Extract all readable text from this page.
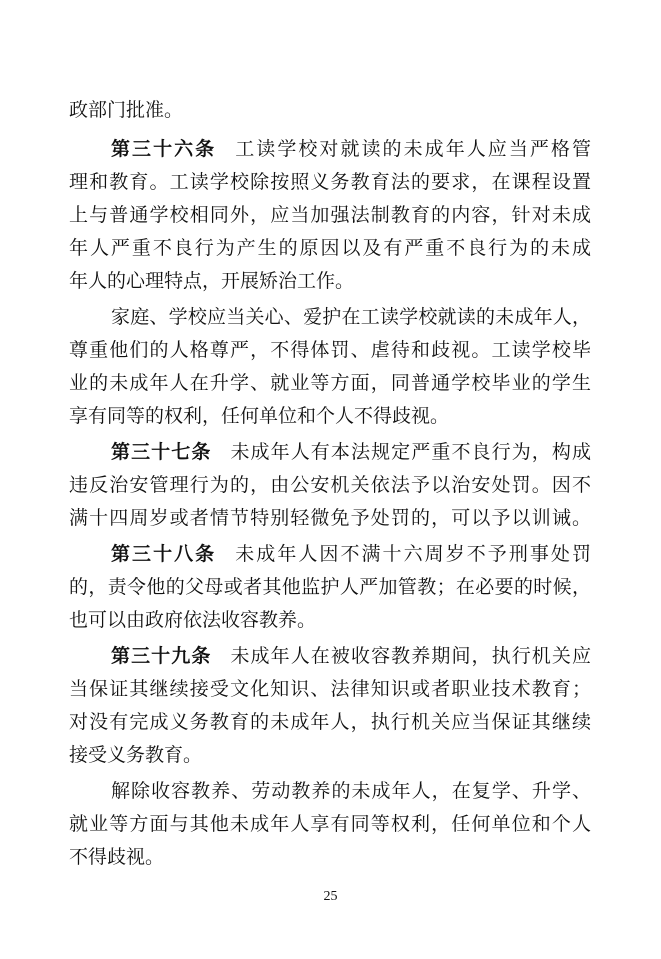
政部门批准。
第三十六条 工读学校对就读的未成年人应当严格管
理和教育。工读学校除按照义务教育法的要求，在课程设置
上与普通学校相同外，应当加强法制教育的内容，针对未成
年人严重不良行为产生的原因以及有严重不良行为的未成
年人的心理特点，开展矫治工作。
家庭、学校应当关心、爱护在工读学校就读的未成年人，
尊重他们的人格尊严，不得体罚、虐待和歧视。工读学校毕
业的未成年人在升学、就业等方面，同普通学校毕业的学生
享有同等的权利，任何单位和个人不得歧视。
第三十七条 未成年人有本法规定严重不良行为，构成
违反治安管理行为的，由公安机关依法予以治安处罚。因不
满十四周岁或者情节特别轻微免予处罚的，可以予以训诫。
第三十八条 未成年人因不满十六周岁不予刑事处罚
的，责令他的父母或者其他监护人严加管教；在必要的时候，
也可以由政府依法收容教养。
第三十九条 未成年人在被收容教养期间，执行机关应
当保证其继续接受文化知识、法律知识或者职业技术教育；
对没有完成义务教育的未成年人，执行机关应当保证其继续
接受义务教育。
解除收容教养、劳动教养的未成年人，在复学、升学、
就业等方面与其他未成年人享有同等权利，任何单位和个人
不得歧视。
25
